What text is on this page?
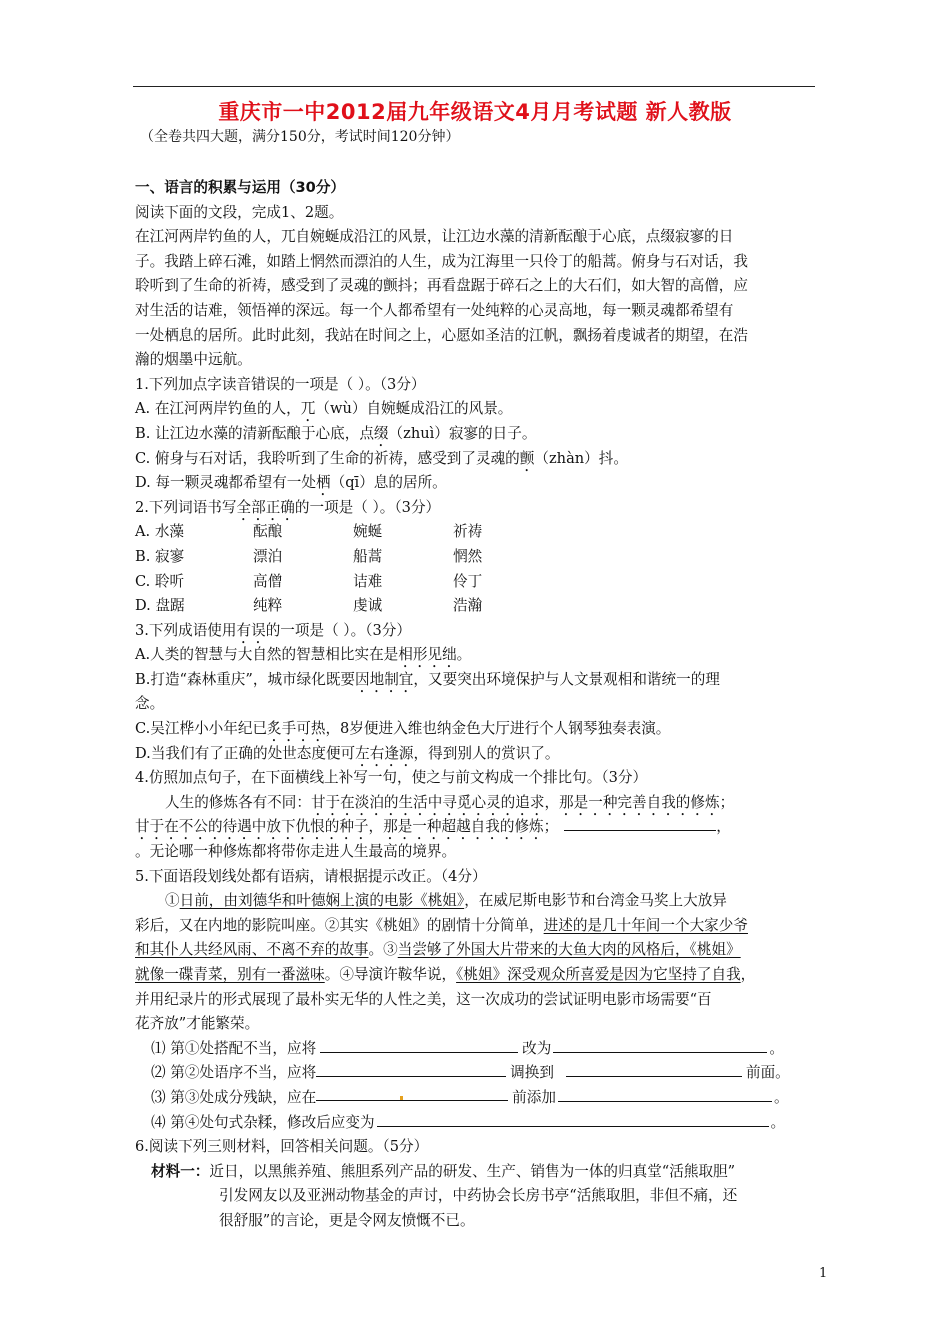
重庆市一中2012届九年级语文4月月考试题 新人教版
（全卷共四大题，满分150分，考试时间120分钟）
一、语言的积累与运用（30分）
阅读下面的文段，完成1、2题。
在江河两岸钓鱼的人，兀自婉蜒成沿江的风景，让江边水藻的清新酝酿于心底，点缀寂寥的日
子。我踏上碎石滩，如踏上惘然而漂泊的人生，成为江海里一只伶丁的船蒿。俯身与石对话，我
聆听到了生命的祈祷，感受到了灵魂的颤抖；再看盘踞于碎石之上的大石们，如大智的高僧，应
对生活的诘难，领悟禅的深远。每一个人都希望有一处纯粹的心灵高地，每一颗灵魂都希望有
一处栖息的居所。此时此刻，我站在时间之上，心愿如圣洁的江帆，飘扬着虔诚者的期望，在浩
瀚的烟墨中远航。
1.下列加点字读音错误的一项是（ ）。（3分）
A. 在江河两岸钓鱼的人，兀（wù）自婉蜒成沿江的风景。
B. 让江边水藻的清新酝酿于心底，点缀（zhuì）寂寥的日子。
C. 俯身与石对话，我聆听到了生命的祈祷，感受到了灵魂的颤（zhàn）抖。
D. 每一颗灵魂都希望有一处栖（qī）息的居所。
2.下列词语书写全部正确的一项是（ ）。（3分）
A. 水藻	酝酿	婉蜒	祈祷
B. 寂寥	漂泊	船蒿	惘然
C. 聆听	高僧	诘难	伶丁
D. 盘踞	纯粹	虔诚	浩瀚
3.下列成语使用有误的一项是（ ）。（3分）
A.人类的智慧与大自然的智慧相比实在是相形见绌。
B.打造“森林重庆”，城市绿化既要因地制宜，又要突出环境保护与人文景观相和谐统一的理
念。
C.吴江桦小小年纪已炙手可热，8岁便进入维也纳金色大厅进行个人钢琴独奏表演。
D.当我们有了正确的处世态度便可左右逢源，得到别人的赏识了。
4.仿照加点句子，在下面横线上补写一句，使之与前文构成一个排比句。（3分）
人生的修炼各有不同：甘于在淡泊的生活中寻觅心灵的追求，那是一种完善自我的修炼；
甘于在不公的待遇中放下仇恨的种子，那是一种超越自我的修炼；	，
。无论哪一种修炼都将带你走进人生最高的境界。
5.下面语段划线处都有语病，请根据提示改正。（4分）
①日前，由刘德华和叶德娴上演的电影《桃姐》，在威尼斯电影节和台湾金马奖上大放异
彩后，又在内地的影院叫座。②其实《桃姐》的剧情十分简单，进述的是几十年间一个大家少爷
和其仆人共经风雨、不离不弃的故事。③当尝够了外国大片带来的大鱼大肉的风格后，《桃姐》
就像一碟青菜，别有一番滋味。④导演许鞍华说，《桃姐》深受观众所喜爱是因为它坚持了自我，
并用纪录片的形式展现了最朴实无华的人性之美，这一次成功的尝试证明电影市场需要“百
花齐放”才能繁荣。
⑴ 第①处搭配不当，应将	改为	。
⑵ 第②处语序不当，应将	调换到	前面。
⑶ 第③处成分残缺，应在	前添加	。
⑷ 第④处句式杂糅，修改后应变为	。
6.阅读下列三则材料，回答相关问题。（5分）
材料一：近日，以黑熊养殖、熊胆系列产品的研发、生产、销售为一体的归真堂“活熊取胆”
引发网友以及亚洲动物基金的声讨，中药协会长房书亭“活熊取胆，非但不痛，还
很舒服”的言论，更是令网友愤慨不已。
1
